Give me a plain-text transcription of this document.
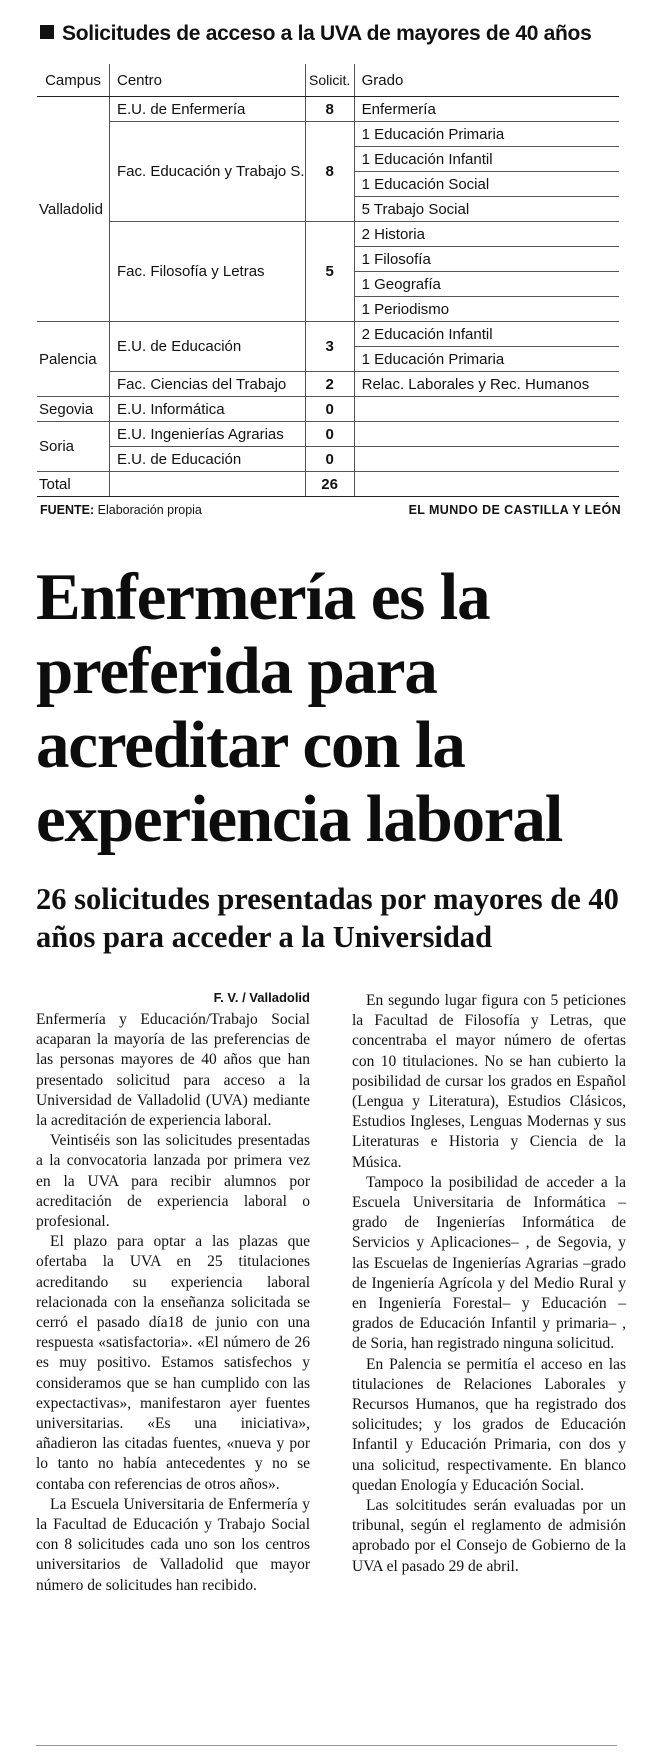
Solicitudes de acceso a la UVA de mayores de 40 años
Campus	Centro	Solicit.	Grado
Valladolid	E.U. de Enfermería	8	Enfermería
	Fac. Educación y Trabajo S.	8	1 Educación Primaria
			1 Educación Infantil
			1 Educación Social
			5 Trabajo Social
	Fac. Filosofía y Letras	5	2 Historia
			1 Filosofía
			1 Geografía
			1 Periodismo
Palencia	E.U. de Educación	3	2 Educación Infantil
			1 Educación Primaria
	Fac. Ciencias del Trabajo	2	Relac. Laborales y Rec. Humanos
Segovia	E.U. Informática	0	
Soria	E.U. Ingenierías Agrarias	0	
	E.U. de Educación	0	
Total		26	
FUENTE: Elaboración propia	EL MUNDO DE CASTILLA Y LEÓN
Enfermería es la preferida para acreditar con la experiencia laboral
26 solicitudes presentadas por mayores de 40 años para acceder a la Universidad
F. V. / Valladolid

Enfermería y Educación/Trabajo Social acaparan la mayoría de las preferencias de las personas mayores de 40 años que han presentado solicitud para acceso a la Universidad de Valladolid (UVA) mediante la acreditación de experiencia laboral.

Veintiséis son las solicitudes presentadas a la convocatoria lanzada por primera vez en la UVA para recibir alumnos por acreditación de experiencia laboral o profesional.

El plazo para optar a las plazas que ofertaba la UVA en 25 titulaciones acreditando su experiencia laboral relacionada con la enseñanza solicitada se cerró el pasado día18 de junio con una respuesta «satisfactoria». «El número de 26 es muy positivo. Estamos satisfechos y consideramos que se han cumplido con las expectactivas», manifestaron ayer fuentes universitarias. «Es una iniciativa», añadieron las citadas fuentes, «nueva y por lo tanto no había antecedentes y no se contaba con referencias de otros años».

La Escuela Universitaria de Enfermería y la Facultad de Educación y Trabajo Social con 8 solicitudes cada uno son los centros universitarios de Valladolid que mayor número de solicitudes han recibido.

En segundo lugar figura con 5 peticiones la Facultad de Filosofía y Letras, que concentraba el mayor número de ofertas con 10 titulaciones. No se han cubierto la posibilidad de cursar los grados en Español (Lengua y Literatura), Estudios Clásicos, Estudios Ingleses, Lenguas Modernas y sus Literaturas e Historia y Ciencia de la Música.

Tampoco la posibilidad de acceder a la Escuela Universitaria de Informática –grado de Ingenierías Informática de Servicios y Aplicaciones– , de Segovia, y las Escuelas de Ingenierías Agrarias –grado de Ingeniería Agrícola y del Medio Rural y en Ingeniería Forestal– y Educación –grados de Educación Infantil y primaria– , de Soria, han registrado ninguna solicitud.

En Palencia se permitía el acceso en las titulaciones de Relaciones Laborales y Recursos Humanos, que ha registrado dos solicitudes; y los grados de Educación Infantil y Educación Primaria, con dos y una solicitud, respectivamente. En blanco quedan Enología y Educación Social.

Las solcititudes serán evaluadas por un tribunal, según el reglamento de admisión aprobado por el Consejo de Gobierno de la UVA el pasado 29 de abril.
